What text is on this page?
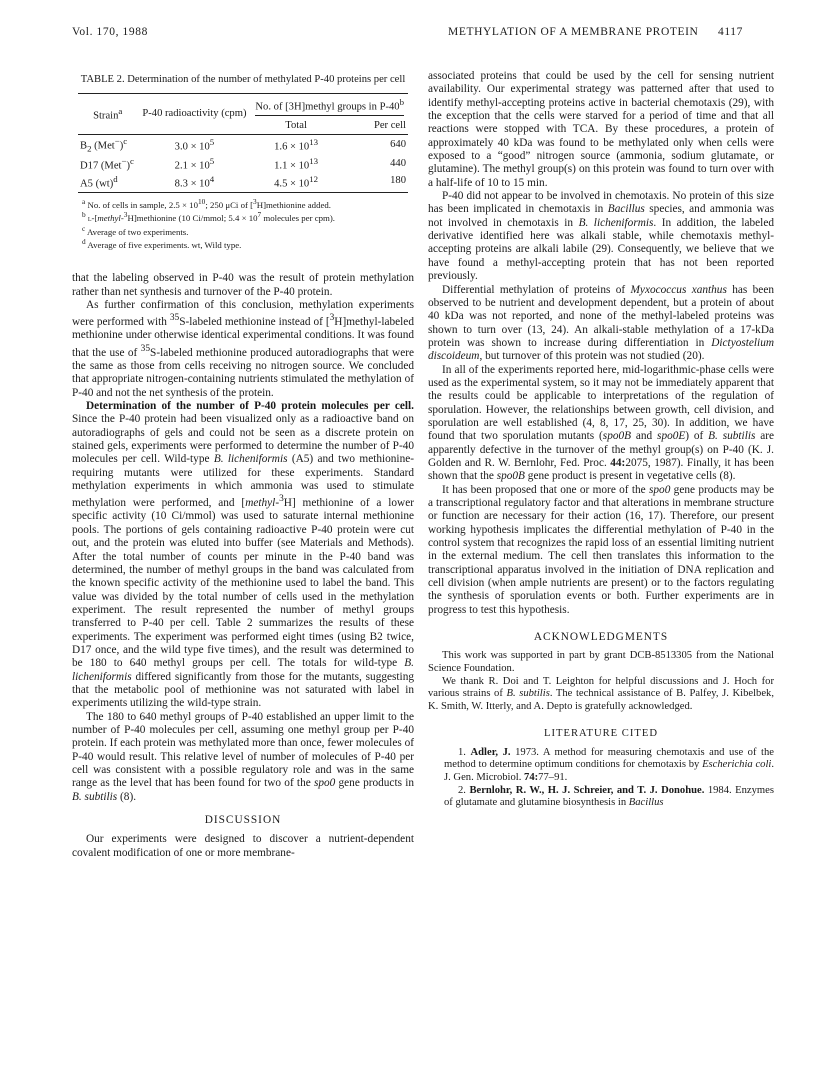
Vol. 170, 1988	METHYLATION OF A MEMBRANE PROTEIN 4117
TABLE 2. Determination of the number of methylated P-40 proteins per cell
Strain$^a$	P-40 radioactivity (cpm)	No. of [3H]methyl groups in P-40$^b$
		Total	Per cell
$B_2$ $(Met^-)^c$	$3.0 \times 10^5$	$1.6 \times 10^{13}$	640
D17 $(Met^-)^c$	$2.1 \times 10^5$	$1.1 \times 10^{13}$	440
A5 (wt)$^d$	$8.3 \times 10^4$	$4.5 \times 10^{12}$	180
$^a$ No. of cells in sample, $2.5 \times 10^{10}$; 250 μCi of [$^3$H]methionine added.
$^b$ l-[methyl-$^3$H]methionine (10 Ci/mmol; $5.4 \times 10^7$ molecules per cpm).
$^c$ Average of two experiments.
$^d$ Average of five experiments. wt, Wild type.

that the labeling observed in P-40 was the result of protein methylation rather than net synthesis and turnover of the P-40 protein.

As further confirmation of this conclusion, methylation experiments were performed with $^{35}$S-labeled methionine instead of [$^3$H]methyl-labeled methionine under otherwise identical experimental conditions. It was found that the use of $^{35}$S-labeled methionine produced autoradiographs that were the same as those from cells receiving no nitrogen source. We concluded that appropriate nitrogen-containing nutrients stimulated the methylation of P-40 and not the net synthesis of the protein.

Determination of the number of P-40 protein molecules per cell. Since the P-40 protein had been visualized only as a radioactive band on autoradiographs of gels and could not be seen as a discrete protein on stained gels, experiments were performed to determine the number of P-40 molecules per cell. Wild-type B. licheniformis (A5) and two methionine-requiring mutants were utilized for these experiments. Standard methylation experiments in which ammonia was used to stimulate methylation were performed, and [methyl-$^3$H] methionine of a lower specific activity (10 Ci/mmol) was used to saturate internal methionine pools. The portions of gels containing radioactive P-40 protein were cut out, and the protein was eluted into buffer (see Materials and Methods). After the total number of counts per minute in the P-40 band was determined, the number of methyl groups in the band was calculated from the known specific activity of the methionine used to label the band. This value was divided by the total number of cells used in the methylation experiment. The result represented the number of methyl groups transferred to P-40 per cell. Table 2 summarizes the results of these experiments. The experiment was performed eight times (using B2 twice, D17 once, and the wild type five times), and the result was determined to be 180 to 640 methyl groups per cell. The totals for wild-type B. licheniformis differed significantly from those for the mutants, suggesting that the metabolic pool of methionine was not saturated with label in experiments utilizing the wild-type strain.

The 180 to 640 methyl groups of P-40 established an upper limit to the number of P-40 molecules per cell, assuming one methyl group per P-40 protein. If each protein was methylated more than once, fewer molecules of P-40 would result. This relative level of number of molecules of P-40 per cell was consistent with a possible regulatory role and was in the same range as the level that has been found for two of the spo0 gene products in B. subtilis (8).

DISCUSSION

Our experiments were designed to discover a nutrient-dependent covalent modification of one or more membrane-

associated proteins that could be used by the cell for sensing nutrient availability. Our experimental strategy was patterned after that used to identify methyl-accepting proteins active in bacterial chemotaxis (29), with the exception that the cells were starved for a period of time and that all reactions were stopped with TCA. By these procedures, a protein of approximately 40 kDa was found to be methylated only when cells were exposed to a “good” nitrogen source (ammonia, sodium glutamate, or glutamine). The methyl group(s) on this protein was found to turn over with a half-life of 10 to 15 min.

P-40 did not appear to be involved in chemotaxis. No protein of this size has been implicated in chemotaxis in Bacillus species, and ammonia was not involved in chemotaxis in B. licheniformis. In addition, the labeled derivative identified here was alkali stable, while chemotaxis methyl-accepting proteins are alkali labile (29). Consequently, we believe that we have found a methyl-accepting protein that has not been reported previously.

Differential methylation of proteins of Myxococcus xanthus has been observed to be nutrient and development dependent, but a protein of about 40 kDa was not reported, and none of the methyl-labeled proteins was shown to turn over (13, 24). An alkali-stable methylation of a 17-kDa protein was shown to increase during differentiation in Dictyostelium discoideum, but turnover of this protein was not studied (20).

In all of the experiments reported here, mid-logarithmic-phase cells were used as the experimental system, so it may not be immediately apparent that the results could be applicable to interpretations of the regulation of sporulation. However, the relationships between growth, cell division, and sporulation are well established (4, 8, 17, 25, 30). In addition, we have found that two sporulation mutants (spo0B and spo0E) of B. subtilis are apparently defective in the turnover of the methyl group(s) on P-40 (K. J. Golden and R. W. Bernlohr, Fed. Proc. 44:2075, 1987). Finally, it has been shown that the spo0B gene product is present in vegetative cells (8).

It has been proposed that one or more of the spo0 gene products may be a transcriptional regulatory factor and that alterations in membrane structure or function are necessary for their action (16, 17). Therefore, our present working hypothesis implicates the differential methylation of P-40 in the control system that recognizes the rapid loss of an essential limiting nutrient in the external medium. The cell then translates this information to the transcriptional apparatus involved in the initiation of DNA replication and cell division (when ample nutrients are present) or to the factors regulating the synthesis of sporulation events or both. Further experiments are in progress to test this hypothesis.

ACKNOWLEDGMENTS

This work was supported in part by grant DCB-8513305 from the National Science Foundation.

We thank R. Doi and T. Leighton for helpful discussions and J. Hoch for various strains of B. subtilis. The technical assistance of B. Palfey, J. Kibelbek, K. Smith, W. Itterly, and A. Depto is gratefully acknowledged.

LITERATURE CITED

1. Adler, J. 1973. A method for measuring chemotaxis and use of the method to determine optimum conditions for chemotaxis by Escherichia coli. J. Gen. Microbiol. 74:77–91.

2. Bernlohr, R. W., H. J. Schreier, and T. J. Donohue. 1984. Enzymes of glutamate and glutamine biosynthesis in Bacillus
